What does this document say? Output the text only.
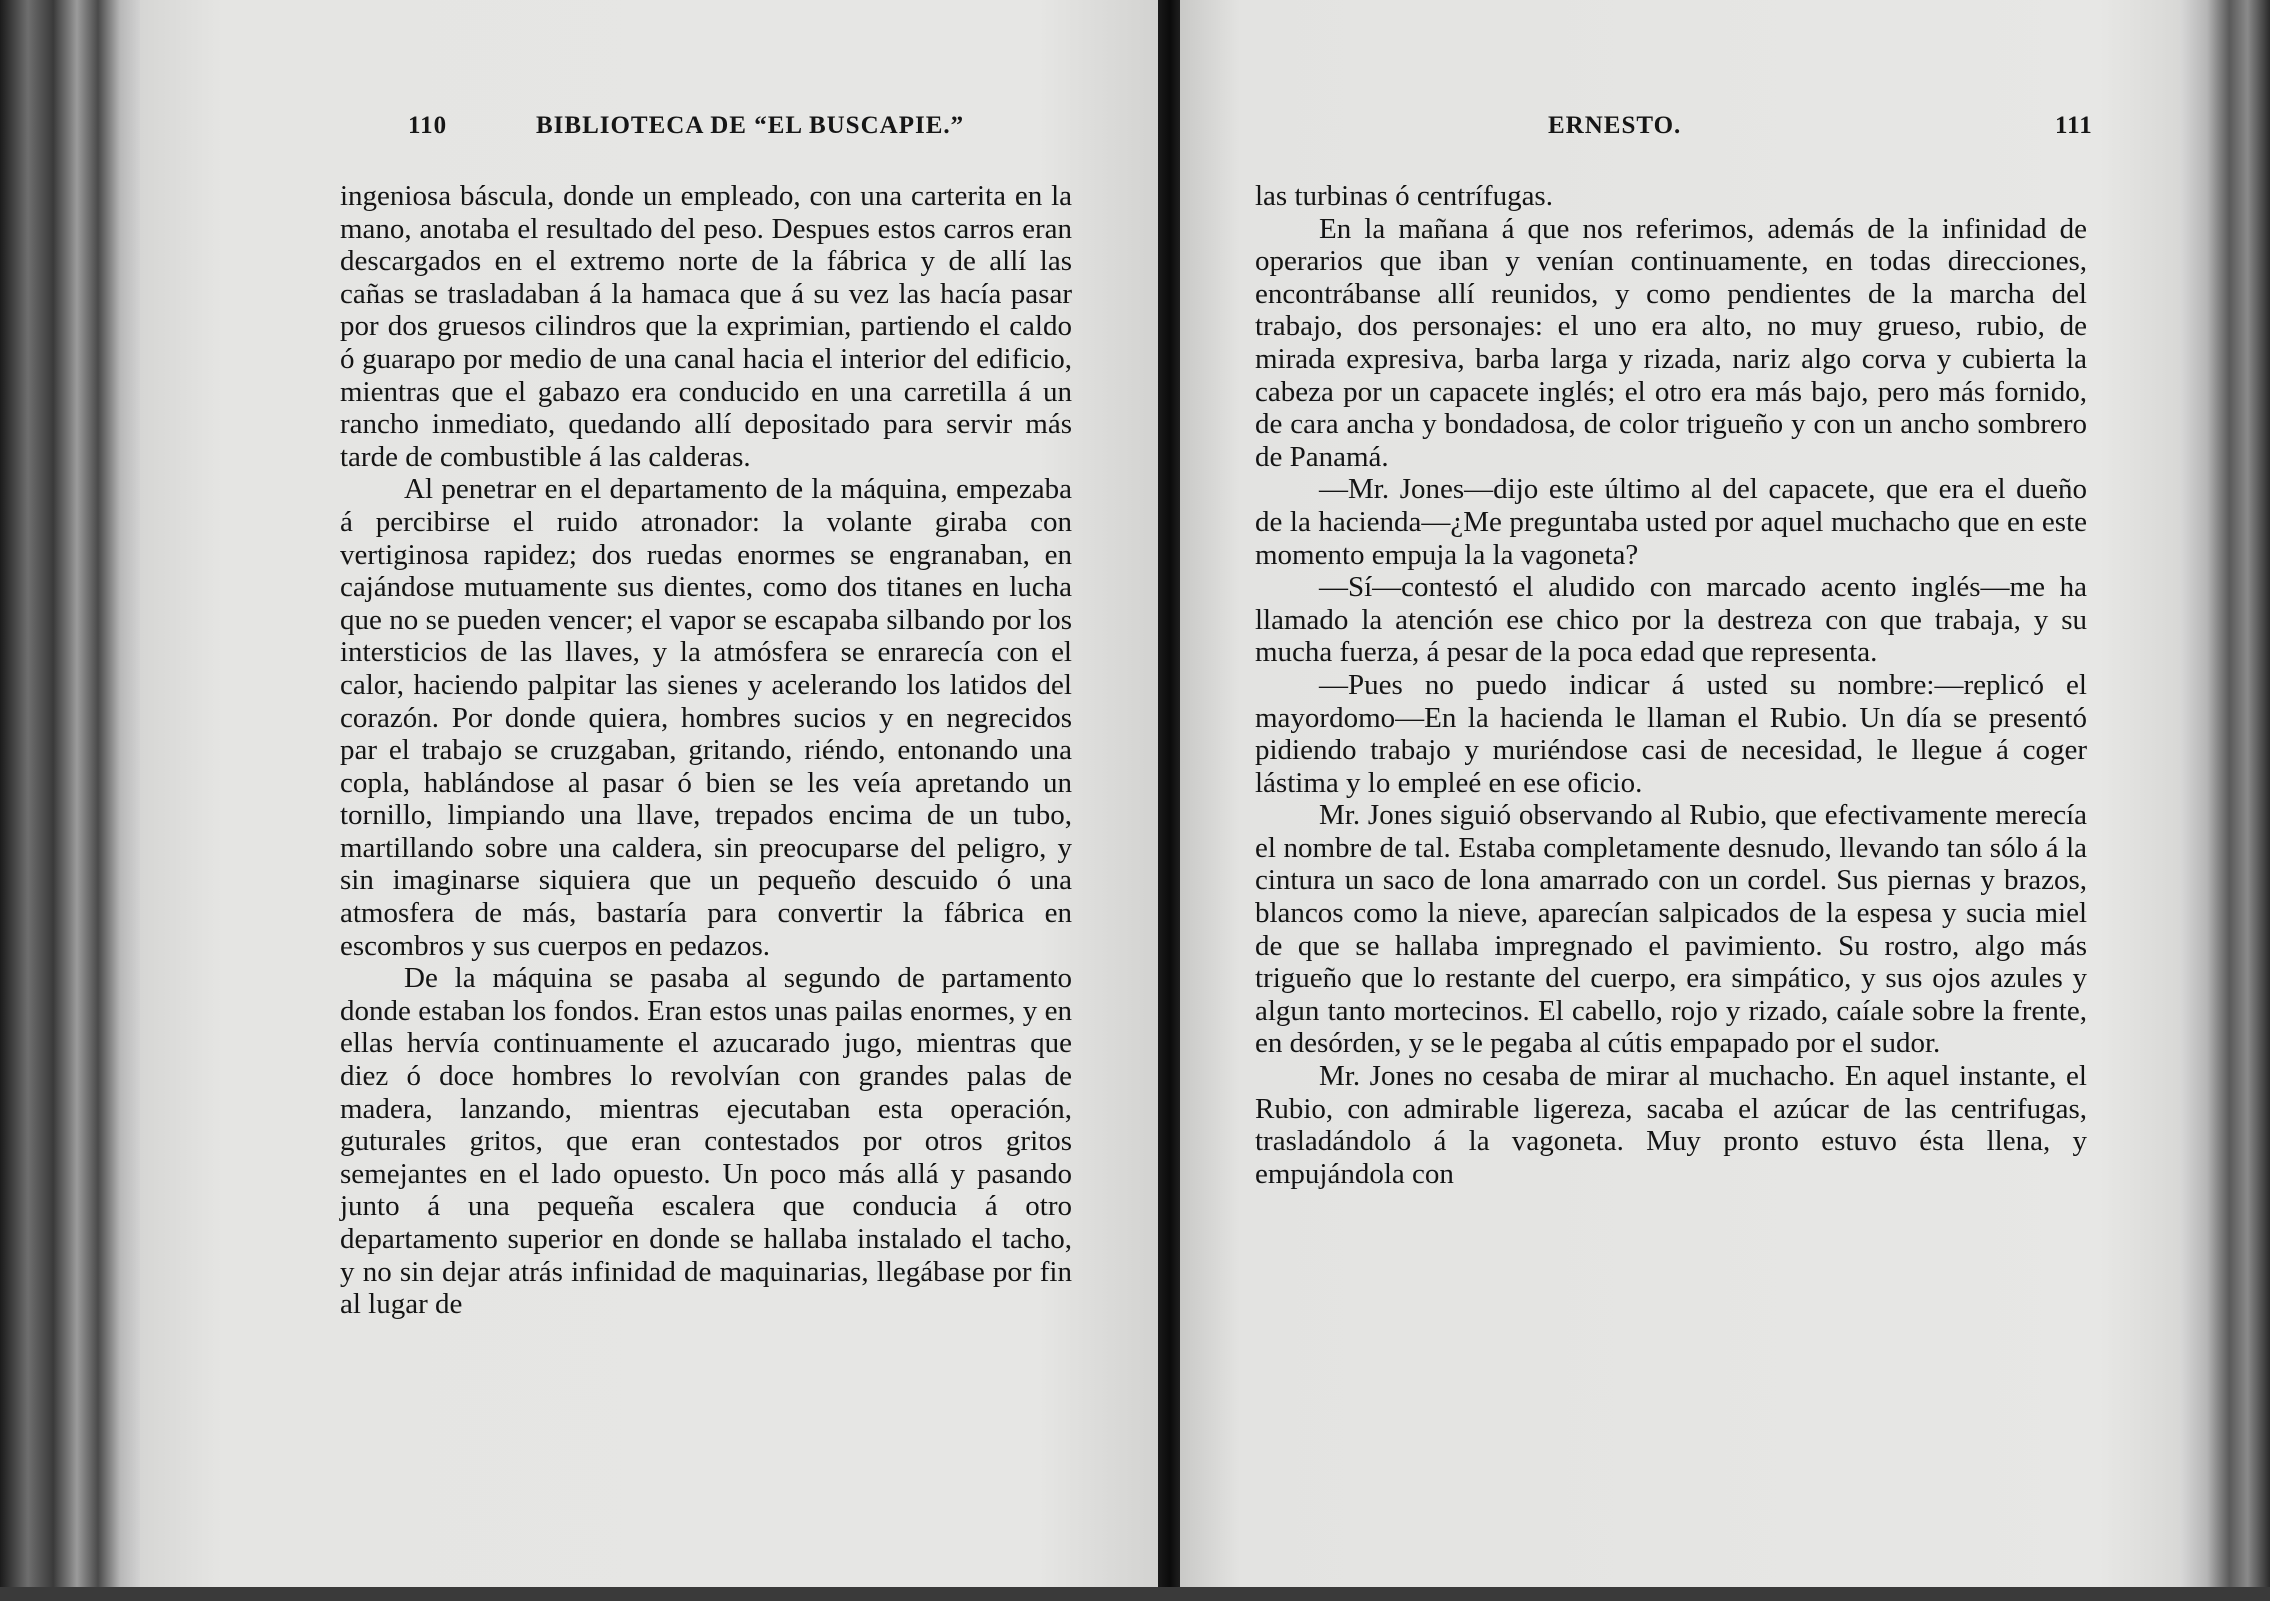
110	BIBLIOTECA DE “EL BUSCAPIE.”

ingeniosa báscula, donde un empleado, con una carterita en la mano, anotaba el resultado del peso. Despues estos carros eran descargados en el extremo norte de la fábrica y de allí las cañas se trasladaban á la hamaca que á su vez las hacía pasar por dos gruesos cilindros que la exprimian, partiendo el caldo ó guarapo por medio de una canal hacia el interior del edificio, mientras que el gabazo era conducido en una carretilla á un rancho inmediato, quedando allí depositado para servir más tarde de combustible á las calderas.

Al penetrar en el departamento de la máquina, empezaba á percibirse el ruido atronador: la volante giraba con vertiginosa rapidez; dos ruedas enormes se engranaban, en cajándose mutuamente sus dientes, como dos titanes en lucha que no se pueden vencer; el vapor se escapaba silbando por los intersticios de las llaves, y la atmósfera se enrarecía con el calor, haciendo palpitar las sienes y acelerando los latidos del corazón. Por donde quiera, hombres sucios y en negrecidos par el trabajo se cruzgaban, gritando, riéndo, entonando una copla, hablándose al pasar ó bien se les veía apretando un tornillo, limpiando una llave, trepados encima de un tubo, martillando sobre una caldera, sin preocuparse del peligro, y sin imaginarse siquiera que un pequeño descuido ó una atmosfera de más, bastaría para convertir la fábrica en escombros y sus cuerpos en pedazos.

De la máquina se pasaba al segundo de partamento donde estaban los fondos. Eran estos unas pailas enormes, y en ellas hervía continuamente el azucarado jugo, mientras que diez ó doce hombres lo revolvían con grandes palas de madera, lanzando, mientras ejecutaban esta operación, guturales gritos, que eran contestados por otros gritos semejantes en el lado opuesto. Un poco más allá y pasando junto á una pequeña escalera que conducia á otro departamento superior en donde se hallaba instalado el tacho, y no sin dejar atrás infinidad de maquinarias, llegábase por fin al lugar de

ERNESTO.	111

las turbinas ó centrífugas.

En la mañana á que nos referimos, además de la infinidad de operarios que iban y venían continuamente, en todas direcciones, encontrábanse allí reunidos, y como pendientes de la marcha del trabajo, dos personajes: el uno era alto, no muy grueso, rubio, de mirada expresiva, barba larga y rizada, nariz algo corva y cubierta la cabeza por un capacete inglés; el otro era más bajo, pero más fornido, de cara ancha y bondadosa, de color trigueño y con un ancho sombrero de Panamá.

—Mr. Jones—dijo este último al del capacete, que era el dueño de la hacienda—¿Me preguntaba usted por aquel muchacho que en este momento empuja la la vagoneta?

—Sí—contestó el aludido con marcado acento inglés—me ha llamado la atención ese chico por la destreza con que trabaja, y su mucha fuerza, á pesar de la poca edad que representa.

—Pues no puedo indicar á usted su nombre:—replicó el mayordomo—En la hacienda le llaman el Rubio. Un día se presentó pidiendo trabajo y muriéndose casi de necesidad, le llegue á coger lástima y lo empleé en ese oficio.

Mr. Jones siguió observando al Rubio, que efectivamente merecía el nombre de tal. Estaba completamente desnudo, llevando tan sólo á la cintura un saco de lona amarrado con un cordel. Sus piernas y brazos, blancos como la nieve, aparecían salpicados de la espesa y sucia miel de que se hallaba impregnado el pavimiento. Su rostro, algo más trigueño que lo restante del cuerpo, era simpático, y sus ojos azules y algun tanto mortecinos. El cabello, rojo y rizado, caíale sobre la frente, en desórden, y se le pegaba al cútis empapado por el sudor.

Mr. Jones no cesaba de mirar al muchacho. En aquel instante, el Rubio, con admirable ligereza, sacaba el azúcar de las centrifugas, trasladándolo á la vagoneta. Muy pronto estuvo ésta llena, y empujándola con
